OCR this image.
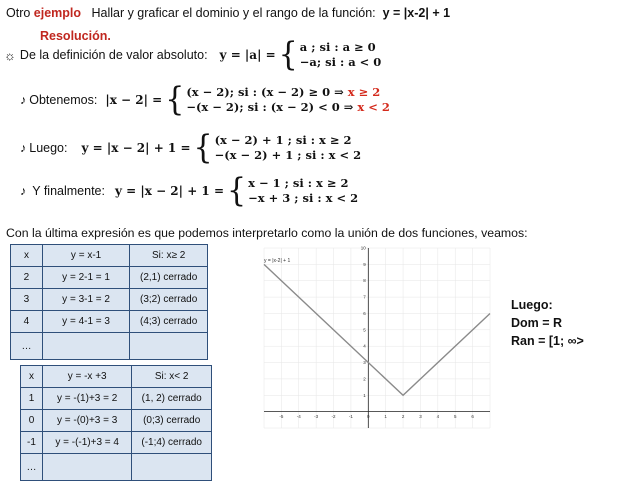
Otro ejemplo Hallar y graficar el dominio y el rango de la función: y = |x-2| + 1
Resolución.
☼ De la definición de valor absoluto: y = |a| = { a ; si : a ≥ 0
−a; si : a < 0
♪ Obtenemos: |x − 2| = { (x − 2); si : (x − 2) ≥ 0 ⇒ x ≥ 2
−(x − 2); si : (x − 2) < 0 ⇒ x < 2
♪ Luego: y = |x − 2| + 1 = { (x − 2) + 1 ; si : x ≥ 2
−(x − 2) + 1 ; si : x < 2
♪ Y finalmente: y = |x − 2| + 1 = { x − 1 ; si : x ≥ 2
−x + 3 ; si : x < 2
Con la última expresión es que podemos interpretarlo como la unión de dos funciones, veamos:
x	y = x-1	Si: x≥ 2
2	y = 2-1 = 1	(2,1) cerrado
3	y = 3-1 = 2	(3;2) cerrado
4	y = 4-1 = 3	(4;3) cerrado
…		
x	y = -x +3	Si: x< 2
1	y = -(1)+3 = 2	(1, 2) cerrado
0	y = -(0)+3 = 3	(0;3) cerrado
-1	y = -(-1)+3 = 4	(-1;4) cerrado
…		
-5	-4	-3	-2	-1	0	1	2	3	4	5	6
1
2
3
4
5
6
7
8
9
10
y = |x-2| + 1
Luego:
Dom = R
Ran = [1; ∞>
